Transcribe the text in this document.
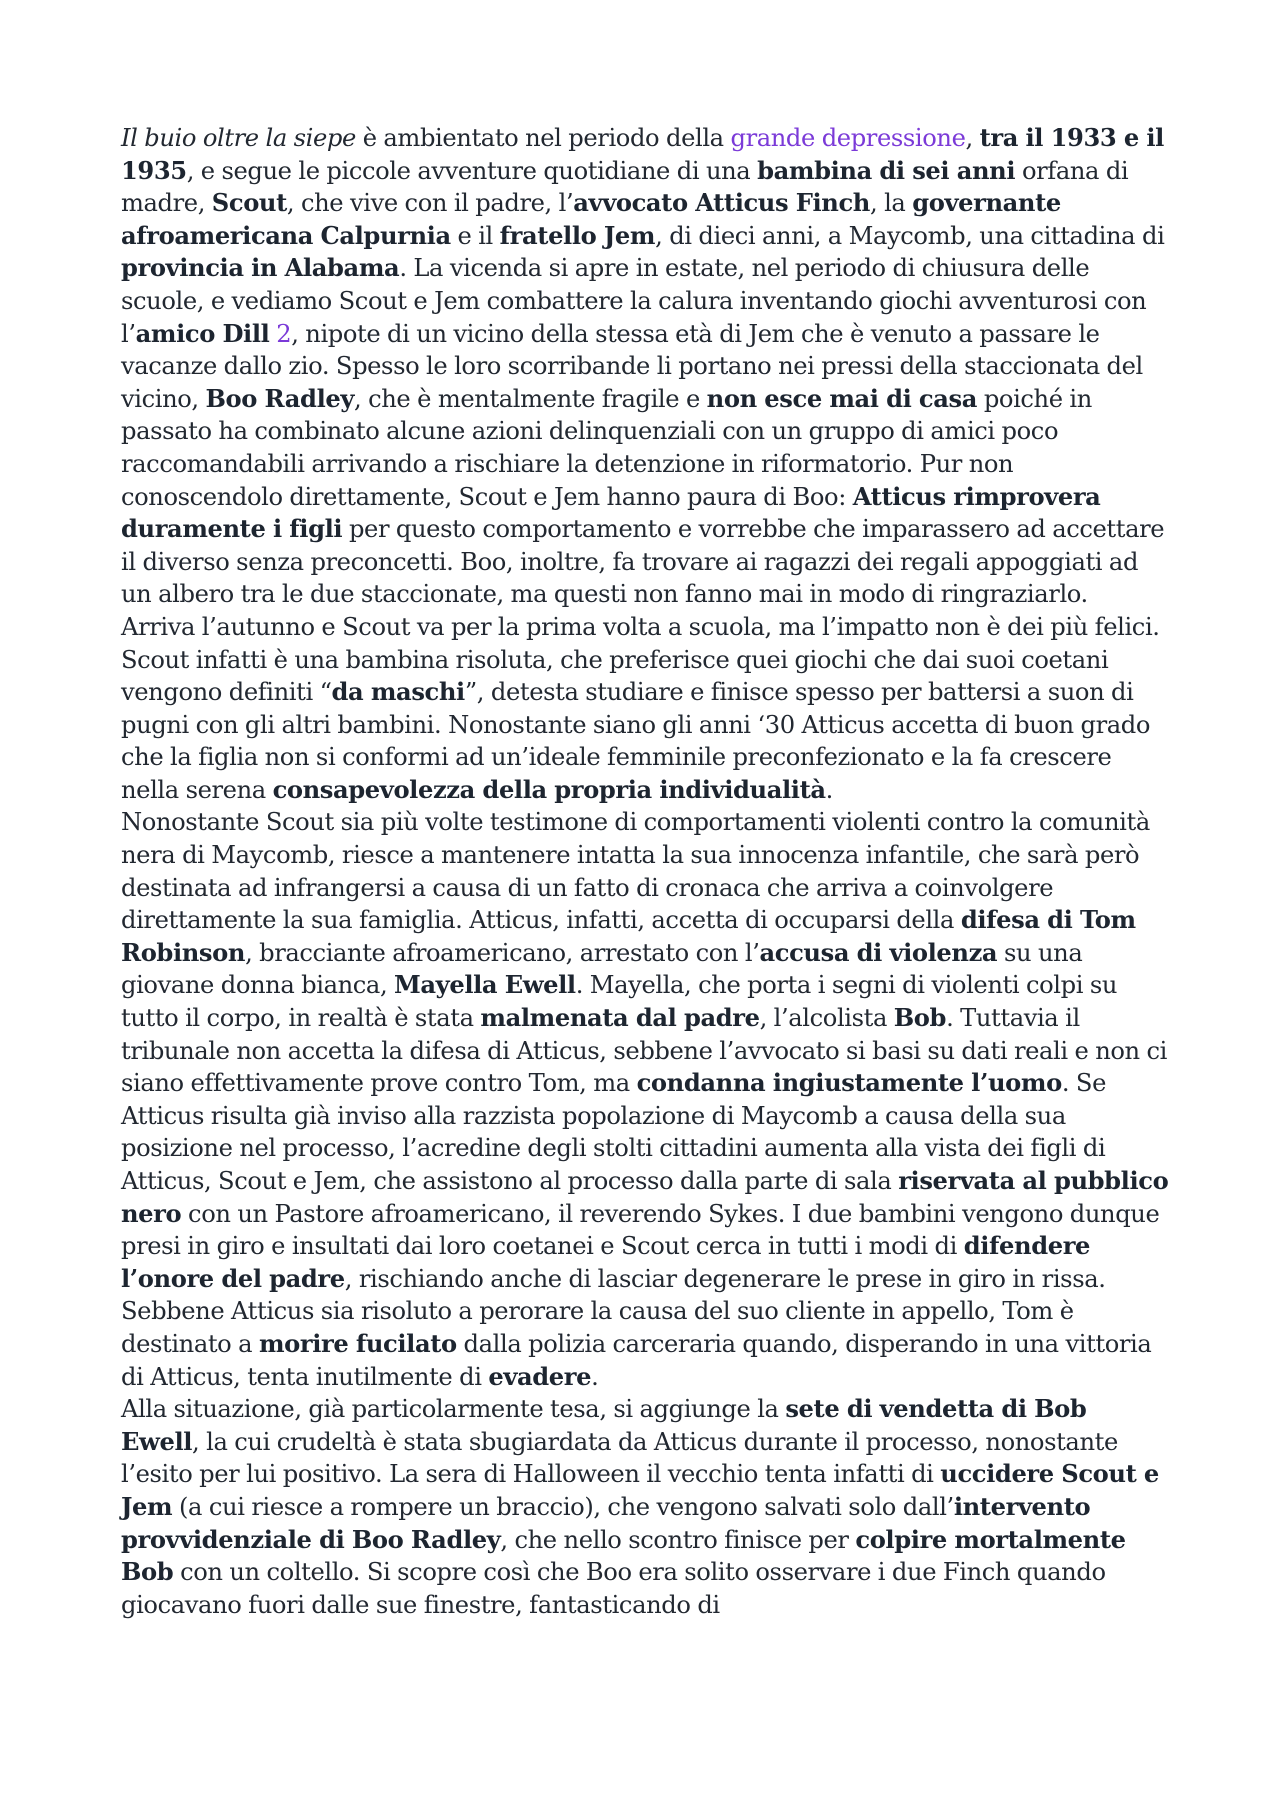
Il buio oltre la siepe è ambientato nel periodo della grande depressione, tra il 1933 e il 1935, e segue le piccole avventure quotidiane di una bambina di sei anni orfana di madre, Scout, che vive con il padre, l’avvocato Atticus Finch, la governante afroamericana Calpurnia e il fratello Jem, di dieci anni, a Maycomb, una cittadina di provincia in Alabama. La vicenda si apre in estate, nel periodo di chiusura delle scuole, e vediamo Scout e Jem combattere la calura inventando giochi avventurosi con l’amico Dill 2, nipote di un vicino della stessa età di Jem che è venuto a passare le vacanze dallo zio. Spesso le loro scorribande li portano nei pressi della staccionata del vicino, Boo Radley, che è mentalmente fragile e non esce mai di casa poiché in passato ha combinato alcune azioni delinquenziali con un gruppo di amici poco raccomandabili arrivando a rischiare la detenzione in riformatorio. Pur non conoscendolo direttamente, Scout e Jem hanno paura di Boo: Atticus rimprovera duramente i figli per questo comportamento e vorrebbe che imparassero ad accettare il diverso senza preconcetti. Boo, inoltre, fa trovare ai ragazzi dei regali appoggiati ad un albero tra le due staccionate, ma questi non fanno mai in modo di ringraziarlo.

Arriva l’autunno e Scout va per la prima volta a scuola, ma l’impatto non è dei più felici. Scout infatti è una bambina risoluta, che preferisce quei giochi che dai suoi coetani vengono definiti “da maschi”, detesta studiare e finisce spesso per battersi a suon di pugni con gli altri bambini. Nonostante siano gli anni ‘30 Atticus accetta di buon grado che la figlia non si conformi ad un’ideale femminile preconfezionato e la fa crescere nella serena consapevolezza della propria individualità.

Nonostante Scout sia più volte testimone di comportamenti violenti contro la comunità nera di Maycomb, riesce a mantenere intatta la sua innocenza infantile, che sarà però destinata ad infrangersi a causa di un fatto di cronaca che arriva a coinvolgere direttamente la sua famiglia. Atticus, infatti, accetta di occuparsi della difesa di Tom Robinson, bracciante afroamericano, arrestato con l’accusa di violenza su una giovane donna bianca, Mayella Ewell. Mayella, che porta i segni di violenti colpi su tutto il corpo, in realtà è stata malmenata dal padre, l’alcolista Bob. Tuttavia il tribunale non accetta la difesa di Atticus, sebbene l’avvocato si basi su dati reali e non ci siano effettivamente prove contro Tom, ma condanna ingiustamente l’uomo. Se Atticus risulta già inviso alla razzista popolazione di Maycomb a causa della sua posizione nel processo, l’acredine degli stolti cittadini aumenta alla vista dei figli di Atticus, Scout e Jem, che assistono al processo dalla parte di sala riservata al pubblico nero con un Pastore afroamericano, il reverendo Sykes. I due bambini vengono dunque presi in giro e insultati dai loro coetanei e Scout cerca in tutti i modi di difendere l’onore del padre, rischiando anche di lasciar degenerare le prese in giro in rissa.

Sebbene Atticus sia risoluto a perorare la causa del suo cliente in appello, Tom è destinato a morire fucilato dalla polizia carceraria quando, disperando in una vittoria di Atticus, tenta inutilmente di evadere.

Alla situazione, già particolarmente tesa, si aggiunge la sete di vendetta di Bob Ewell, la cui crudeltà è stata sbugiardata da Atticus durante il processo, nonostante l’esito per lui positivo. La sera di Halloween il vecchio tenta infatti di uccidere Scout e Jem (a cui riesce a rompere un braccio), che vengono salvati solo dall’intervento provvidenziale di Boo Radley, che nello scontro finisce per colpire mortalmente Bob con un coltello. Si scopre così che Boo era solito osservare i due Finch quando giocavano fuori dalle sue finestre, fantasticando di
